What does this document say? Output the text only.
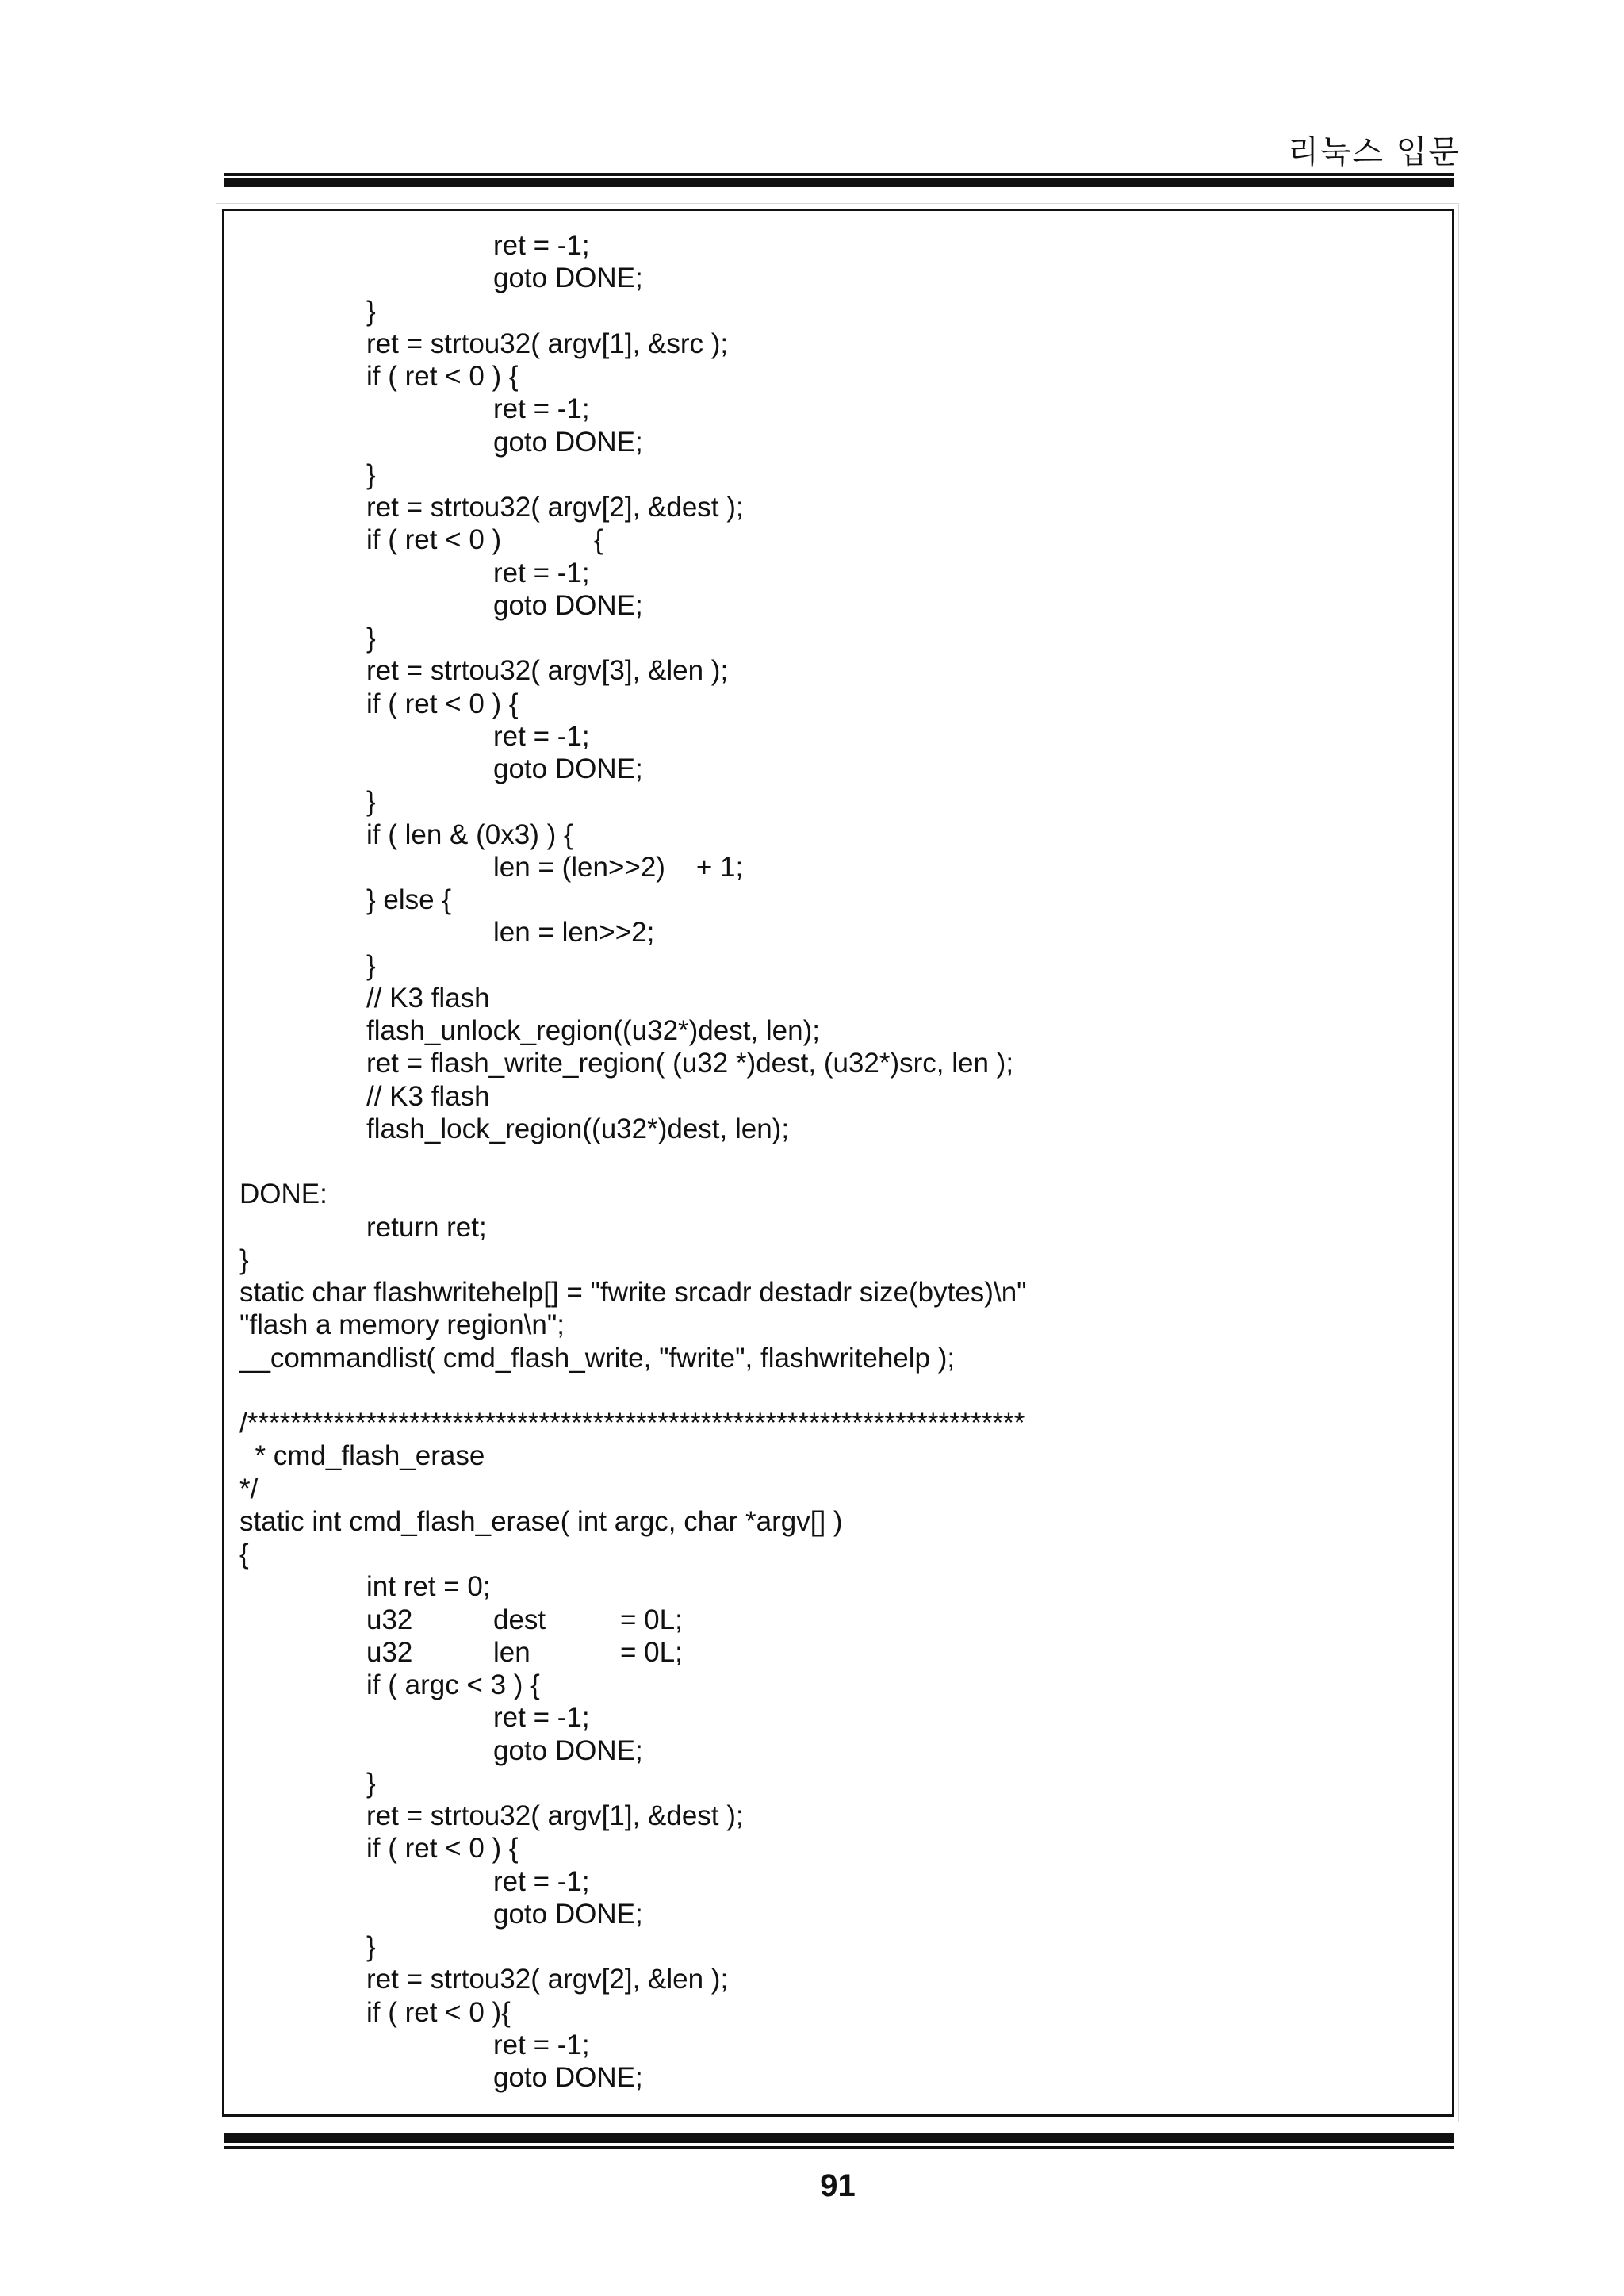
리눅스 입문
ret = -1;
goto DONE;
}
ret = strtou32( argv[1], &src );
if ( ret < 0 ) {
ret = -1;
goto DONE;
}
ret = strtou32( argv[2], &dest );
if ( ret < 0 )            {
ret = -1;
goto DONE;
}
ret = strtou32( argv[3], &len );
if ( ret < 0 ) {
ret = -1;
goto DONE;
}
if ( len & (0x3) ) {
len = (len>>2)    + 1;
} else {
len = len>>2;
}
// K3 flash
flash_unlock_region((u32*)dest, len);
ret = flash_write_region( (u32 *)dest, (u32*)src, len );
// K3 flash
flash_lock_region((u32*)dest, len);
DONE:
return ret;
}
static char flashwritehelp[] = "fwrite srcadr destadr size(bytes)\n"
"flash a memory region\n";
__commandlist( cmd_flash_write, "fwrite", flashwritehelp );
/************************************************************************
* cmd_flash_erase
*/
static int cmd_flash_erase( int argc, char *argv[] )
{
int ret = 0;
u32	dest	= 0L;
u32	len	= 0L;
if ( argc < 3 ) {
ret = -1;
goto DONE;
}
ret = strtou32( argv[1], &dest );
if ( ret < 0 ) {
ret = -1;
goto DONE;
}
ret = strtou32( argv[2], &len );
if ( ret < 0 ){
ret = -1;
goto DONE;
91
